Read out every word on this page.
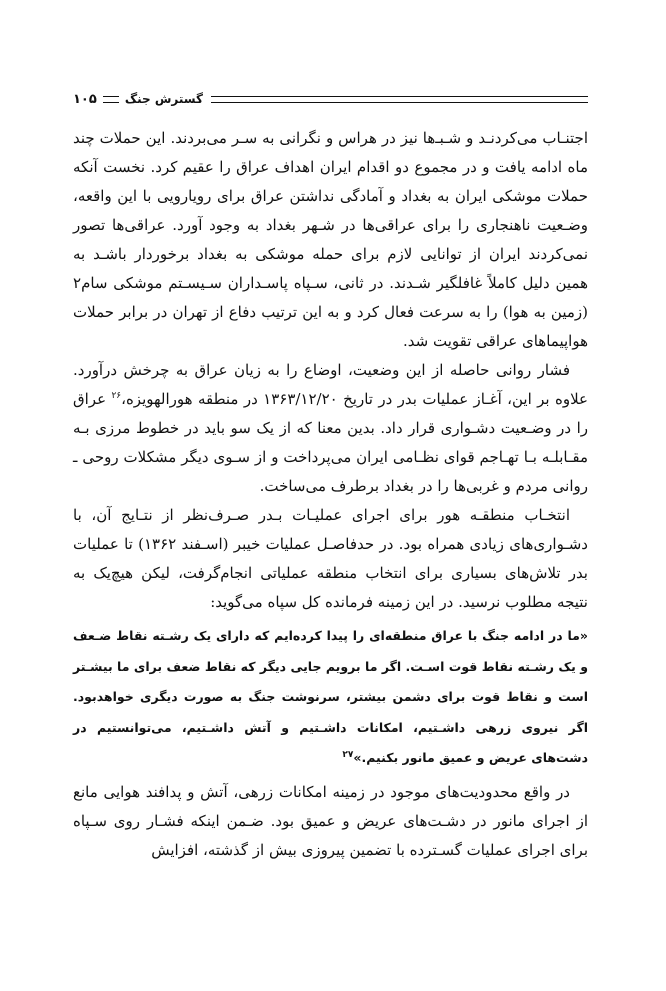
۱۰۵ گسترش جنگ

اجتنـاب می‌کردنـد و شـبـ‌ها نیز در هراس و نگرانی به سـر می‌بردند. این حملات چند ماه ادامه یافت و در مجموع دو اقدام ایران اهداف عراق را عقیم کرد. نخست آنکه حملات موشکی ایران به بغداد و آمادگی نداشتن عراق برای رویارویی با این واقعه، وضـعیت ناهنجاری را برای عراقی‌ها در شـهر بغداد به وجود آورد. عراقی‌ها تصور نمی‌کردند ایران از توانایی لازم برای حمله موشکی به بغداد برخوردار باشـد به همین دلیل کاملاً غافلگیر شـدند. در ثانی، سـپاه پاسـداران سـیسـتم موشکی سام۲ (زمین به هوا) را به سرعت فعال کرد و به این ترتیب دفاع از تهران در برابر حملات هواپیماهای عراقی تقویت شد.

فشار روانی حاصله از این وضعیت، اوضاع را به زیان عراق به چرخش درآورد. علاوه بر این، آغـاز عملیات بدر در تاریخ ۱۳۶۳/۱۲/۲۰ در منطقه هورالهویزه،$^{۲۶}$ عراق را در وضـعیت دشـواری قرار داد. بدین معنا که از یک سو باید در خطوط مرزی بـه مقـابلـه بـا تهـاجم قوای نظـامی ایران می‌پرداخت و از سـوی دیگر مشکلات روحی ـ روانی مردم و غربی‌ها را در بغداد برطرف می‌ساخت.

انتخـاب منطقـه هور برای اجرای عملیـات بـدر صـرف‌نظر از نتـایج آن، با دشـواری‌های زیادی همراه بود. در حدفاصـل عملیات خیبر (اسـفند ۱۳۶۲) تا عملیات بدر تلاش‌های بسیاری برای انتخاب منطقه عملیاتی انجام‌گرفت، لیکن هیچ‌یک به نتیجه مطلوب نرسید. در این زمینه فرمانده کل سپاه می‌گوید:

«ما در ادامه جنگ با عراق منطقه‌ای را پیدا کرده‌ایم که دارای یک رشـته نقاط ضـعف و یک رشـته نقاط قوت اسـت. اگر ما برویم جایی دیگر که نقاط ضعف برای ما بیشـتر است و نقاط قوت برای دشمن بیشتر، سرنوشت جنگ به صورت دیگری خواهدبود. اگر نیروی زرهی داشـتیم، امکانات داشـتیم و آتش داشـتیم، می‌توانستیم در دشت‌های عریض و عمیق مانور بکنیم.»$^{۲۷}$

در واقع محدودیت‌های موجود در زمینه امکانات زرهی، آتش و پدافند هوایی مانع از اجرای مانور در دشـت‌های عریض و عمیق بود. ضـمن اینکه فشـار روی سـپاه برای اجرای عملیات گسـترده با تضمین پیروزی بیش از گذشته، افزایش
